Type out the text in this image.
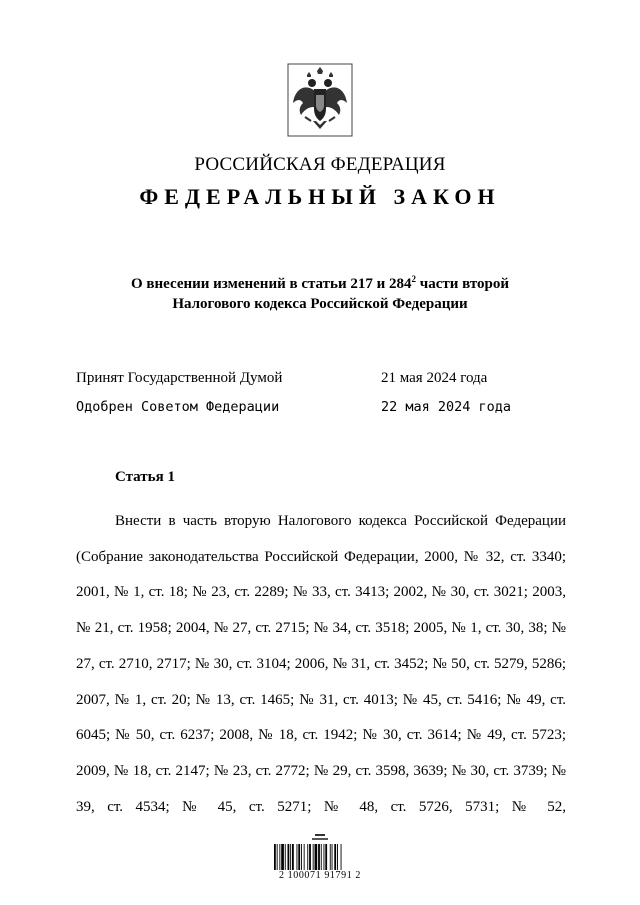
РОССИЙСКАЯ ФЕДЕРАЦИЯ
ФЕДЕРАЛЬНЫЙ ЗАКОН
О внесении изменений в статьи 217 и $284^2$ части второй
Налогового кодекса Российской Федерации
Принят Государственной Думой	21 мая 2024 года
Одобрен Советом Федерации	22 мая 2024 года
Статья 1

Внести в часть вторую Налогового кодекса Российской Федерации (Собрание законодательства Российской Федерации, 2000, № 32, ст. 3340; 2001, № 1, ст. 18; № 23, ст. 2289; № 33, ст. 3413; 2002, № 30, ст. 3021; 2003, № 21, ст. 1958; 2004, № 27, ст. 2715; № 34, ст. 3518; 2005, № 1, ст. 30, 38; № 27, ст. 2710, 2717; № 30, ст. 3104; 2006, № 31, ст. 3452; № 50, ст. 5279, 5286; 2007, № 1, ст. 20; № 13, ст. 1465; № 31, ст. 4013; № 45, ст. 5416; № 49, ст. 6045; № 50, ст. 6237; 2008, № 18, ст. 1942; № 30, ст. 3614; № 49, ст. 5723; 2009, № 18, ст. 2147; № 23, ст. 2772; № 29, ст. 3598, 3639; № 30, ст. 3739; № 39, ст. 4534; № 45, ст. 5271; № 48, ст. 5726, 5731; № 52,

2 100071 91791 2
